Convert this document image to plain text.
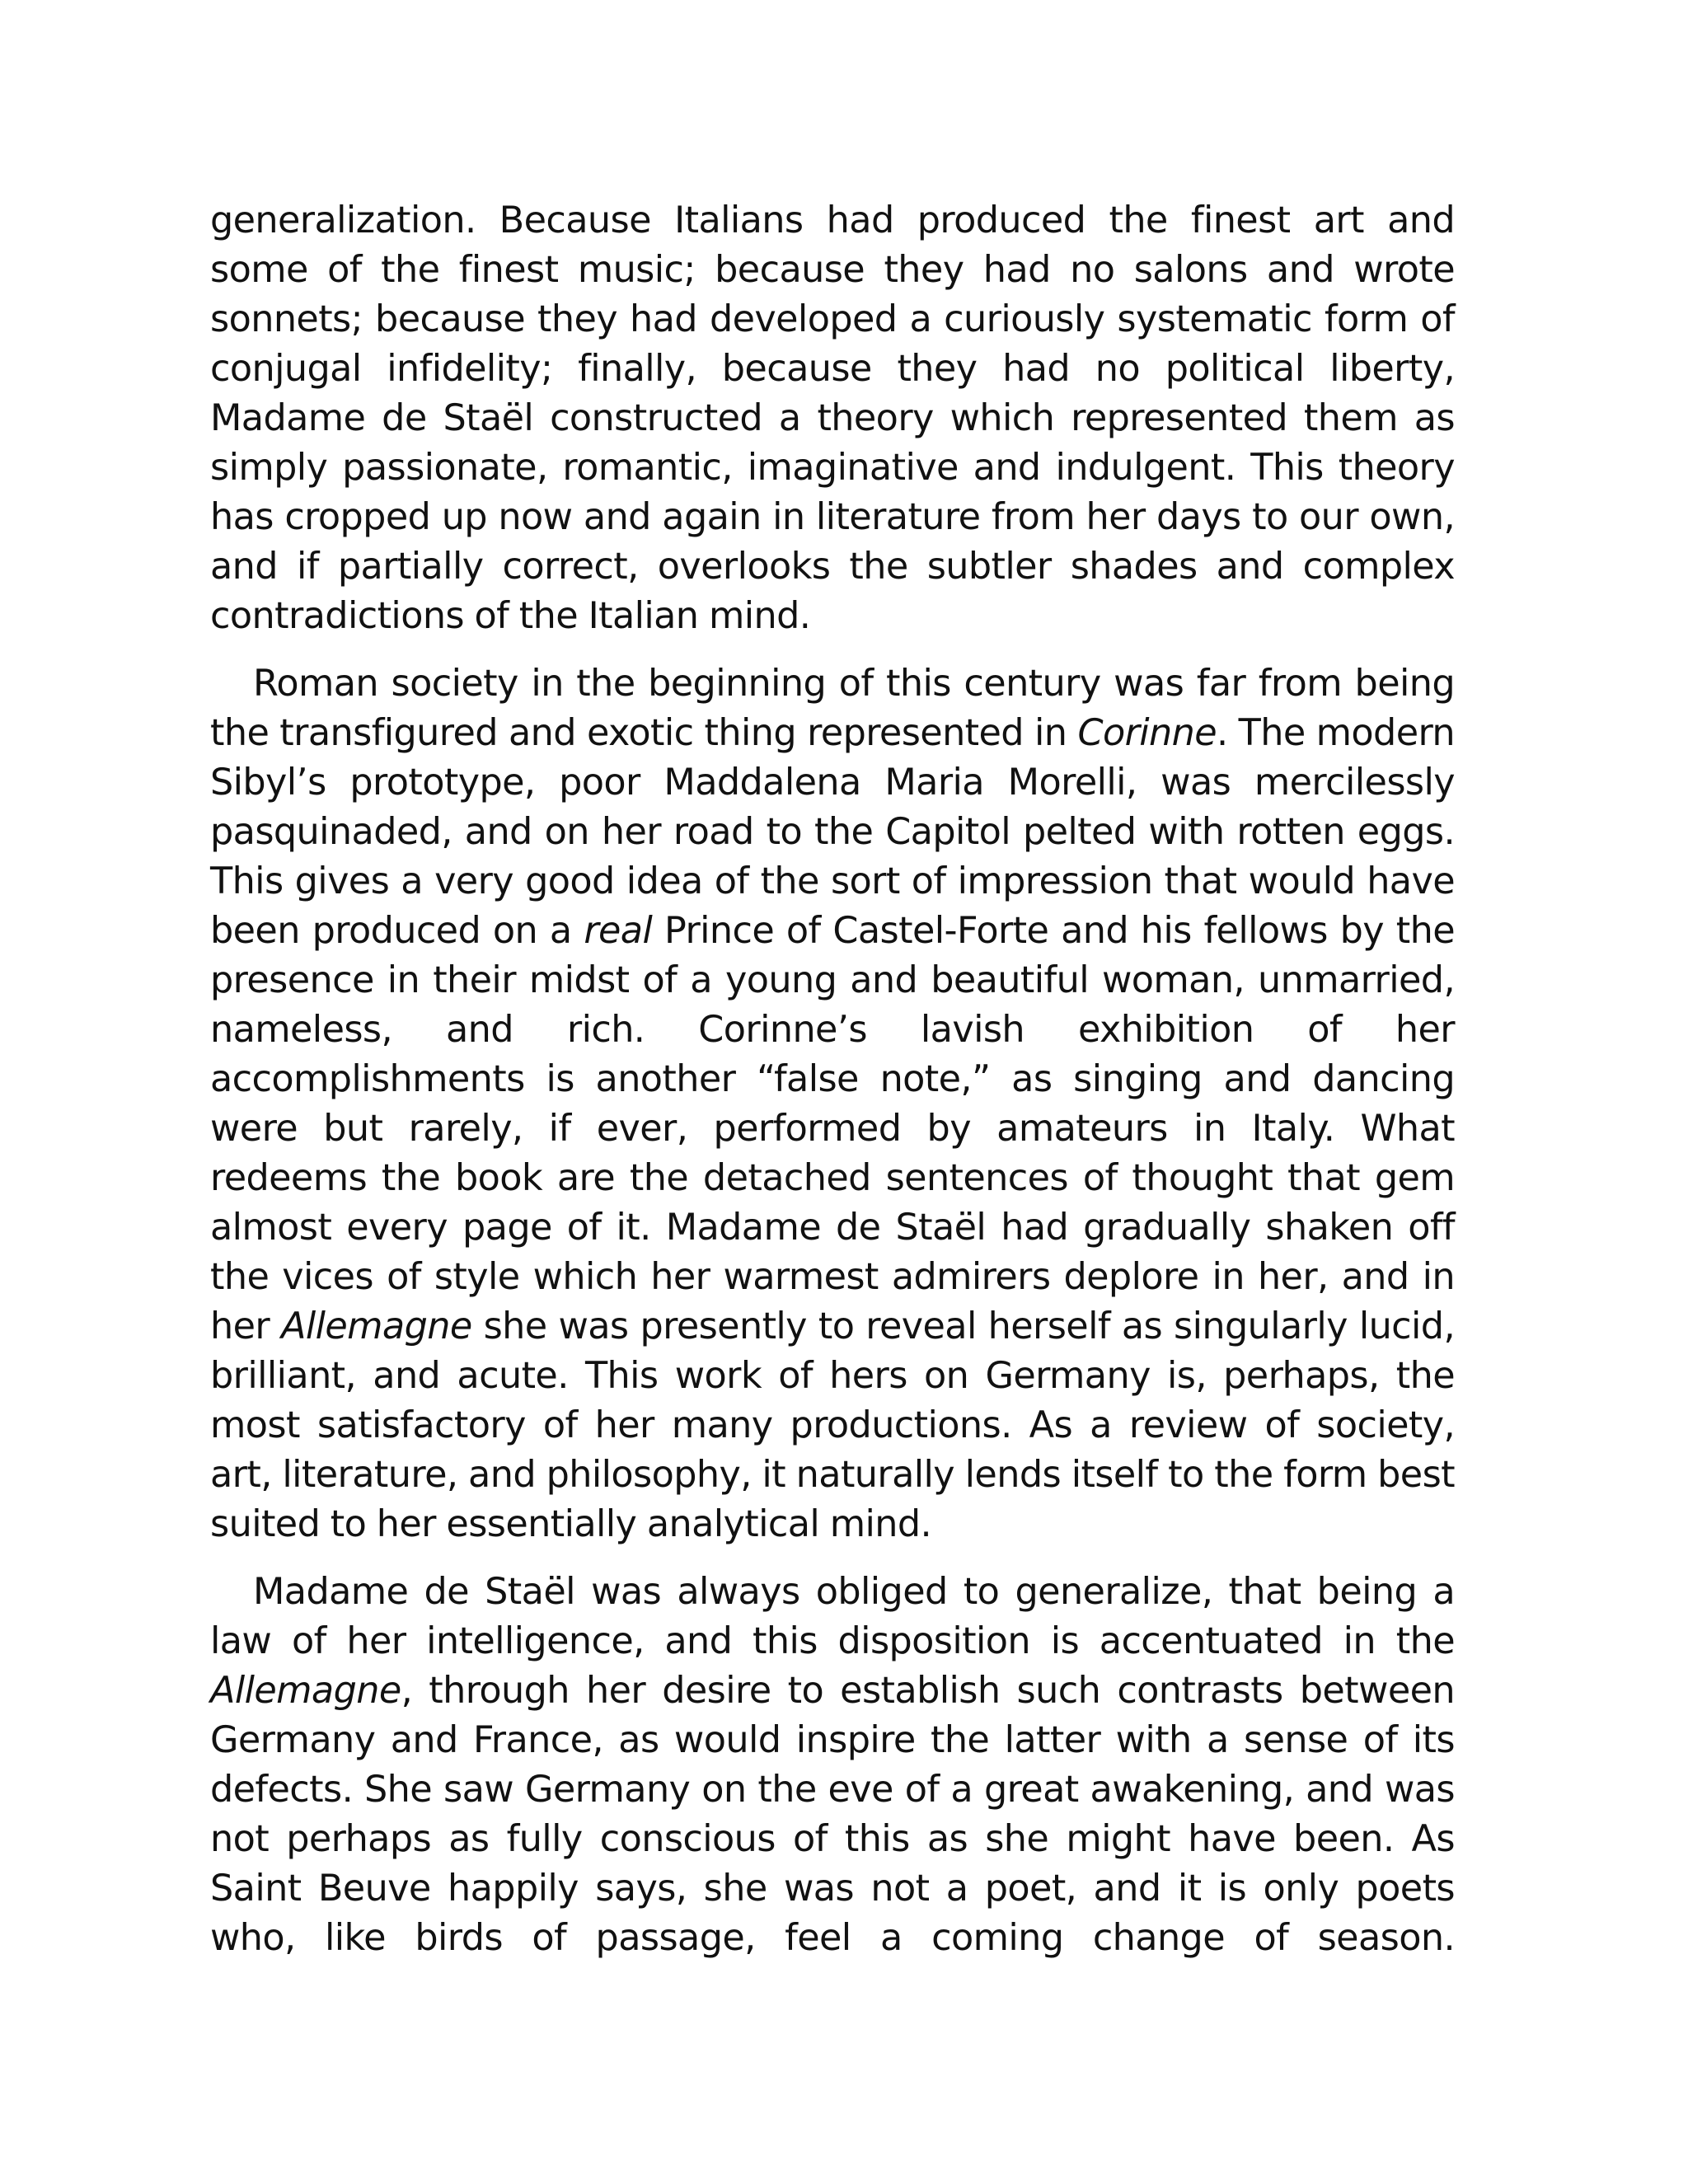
generalization. Because Italians had produced the finest art and some of the finest music; because they had no salons and wrote sonnets; because they had developed a curiously systematic form of conjugal infidelity; finally, because they had no political liberty, Madame de Staël constructed a theory which represented them as simply passionate, romantic, imaginative and indulgent. This theory has cropped up now and again in literature from her days to our own, and if partially correct, overlooks the subtler shades and complex contradictions of the Italian mind.

Roman society in the beginning of this century was far from being the transfigured and exotic thing represented in Corinne. The modern Sibyl’s prototype, poor Maddalena Maria Morelli, was mercilessly pasquinaded, and on her road to the Capitol pelted with rotten eggs. This gives a very good idea of the sort of impression that would have been produced on a real Prince of Castel-Forte and his fellows by the presence in their midst of a young and beautiful woman, unmarried, nameless, and rich. Corinne’s lavish exhibition of her accomplishments is another “false note,” as singing and dancing were but rarely, if ever, performed by amateurs in Italy. What redeems the book are the detached sentences of thought that gem almost every page of it. Madame de Staël had gradually shaken off the vices of style which her warmest admirers deplore in her, and in her Allemagne she was presently to reveal herself as singularly lucid, brilliant, and acute. This work of hers on Germany is, perhaps, the most satisfactory of her many productions. As a review of society, art, literature, and philosophy, it naturally lends itself to the form best suited to her essentially analytical mind.

Madame de Staël was always obliged to generalize, that being a law of her intelligence, and this disposition is accentuated in the Allemagne, through her desire to establish such contrasts between Germany and France, as would inspire the latter with a sense of its defects. She saw Germany on the eve of a great awakening, and was not perhaps as fully conscious of this as she might have been. As Saint Beuve happily says, she was not a poet, and it is only poets who, like birds of passage, feel a coming change of season.
